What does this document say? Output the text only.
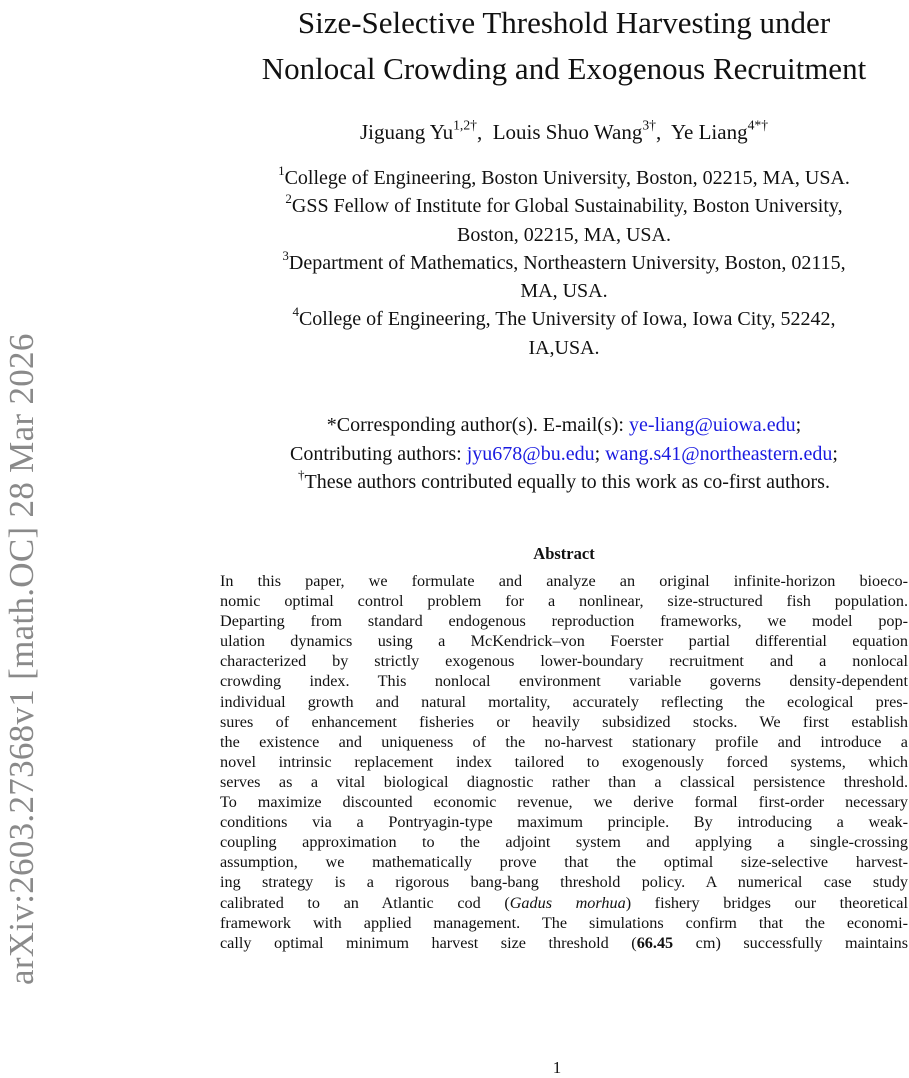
arXiv:2603.27368v1 [math.OC] 28 Mar 2026
Size-Selective Threshold Harvesting under
Nonlocal Crowding and Exogenous Recruitment
Jiguang $Yu^{1,2\dagger}$,  Louis Shuo Wang$^{3\dagger}$,  Ye Liang$^{4*\dagger}$
$^1$College of Engineering, Boston University, Boston, 02215, MA, USA.
$^2$GSS Fellow of Institute for Global Sustainability, Boston University,
Boston, 02215, MA, USA.
$^3$Department of Mathematics, Northeastern University, Boston, 02115,
MA, USA.
$^4$College of Engineering, The University of Iowa, Iowa City, 52242,
IA,USA.
*Corresponding author(s). E-mail(s): ye-liang@uiowa.edu;
Contributing authors: jyu678@bu.edu; wang.s41@northeastern.edu;
†These authors contributed equally to this work as co-first authors.
Abstract
In this paper, we formulate and analyze an original infinite-horizon bioeco-
nomic optimal control problem for a nonlinear, size-structured fish population.
Departing from standard endogenous reproduction frameworks, we model pop-
ulation dynamics using a McKendrick–von Foerster partial differential equation
characterized by strictly exogenous lower-boundary recruitment and a nonlocal
crowding index. This nonlocal environment variable governs density-dependent
individual growth and natural mortality, accurately reflecting the ecological pres-
sures of enhancement fisheries or heavily subsidized stocks. We first establish
the existence and uniqueness of the no-harvest stationary profile and introduce a
novel intrinsic replacement index tailored to exogenously forced systems, which
serves as a vital biological diagnostic rather than a classical persistence threshold.
To maximize discounted economic revenue, we derive formal first-order necessary
conditions via a Pontryagin-type maximum principle. By introducing a weak-
coupling approximation to the adjoint system and applying a single-crossing
assumption, we mathematically prove that the optimal size-selective harvest-
ing strategy is a rigorous bang-bang threshold policy. A numerical case study
calibrated to an Atlantic cod (Gadus morhua) fishery bridges our theoretical
framework with applied management. The simulations confirm that the economi-
cally optimal minimum harvest size threshold (66.45 cm) successfully maintains
1
